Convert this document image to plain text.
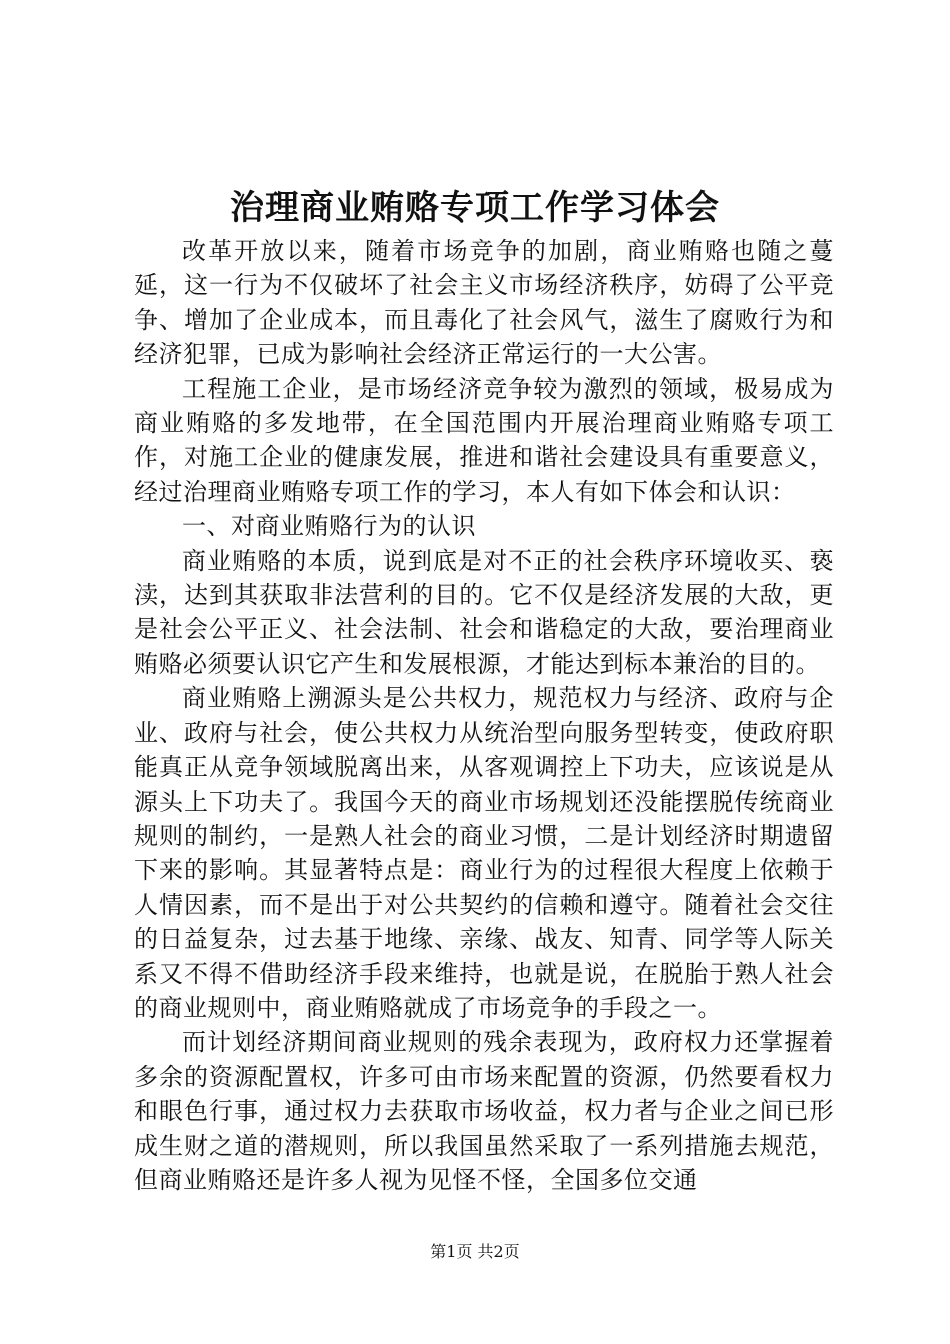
治理商业贿赂专项工作学习体会

改革开放以来，随着市场竞争的加剧，商业贿赂也随之蔓延，这一行为不仅破坏了社会主义市场经济秩序，妨碍了公平竞争、增加了企业成本，而且毒化了社会风气，滋生了腐败行为和经济犯罪，已成为影响社会经济正常运行的一大公害。

工程施工企业，是市场经济竞争较为激烈的领域，极易成为商业贿赂的多发地带，在全国范围内开展治理商业贿赂专项工作，对施工企业的健康发展，推进和谐社会建设具有重要意义，经过治理商业贿赂专项工作的学习，本人有如下体会和认识：

一、对商业贿赂行为的认识

商业贿赂的本质，说到底是对不正的社会秩序环境收买、亵渎，达到其获取非法营利的目的。它不仅是经济发展的大敌，更是社会公平正义、社会法制、社会和谐稳定的大敌，要治理商业贿赂必须要认识它产生和发展根源，才能达到标本兼治的目的。

商业贿赂上溯源头是公共权力，规范权力与经济、政府与企业、政府与社会，使公共权力从统治型向服务型转变，使政府职能真正从竞争领域脱离出来，从客观调控上下功夫，应该说是从源头上下功夫了。我国今天的商业市场规划还没能摆脱传统商业规则的制约，一是熟人社会的商业习惯，二是计划经济时期遗留下来的影响。其显著特点是：商业行为的过程很大程度上依赖于人情因素，而不是出于对公共契约的信赖和遵守。随着社会交往的日益复杂，过去基于地缘、亲缘、战友、知青、同学等人际关系又不得不借助经济手段来维持，也就是说，在脱胎于熟人社会的商业规则中，商业贿赂就成了市场竞争的手段之一。

而计划经济期间商业规则的残余表现为，政府权力还掌握着多余的资源配置权，许多可由市场来配置的资源，仍然要看权力和眼色行事，通过权力去获取市场收益，权力者与企业之间已形成生财之道的潜规则，所以我国虽然采取了一系列措施去规范，但商业贿赂还是许多人视为见怪不怪，全国多位交通

第1页 共2页
